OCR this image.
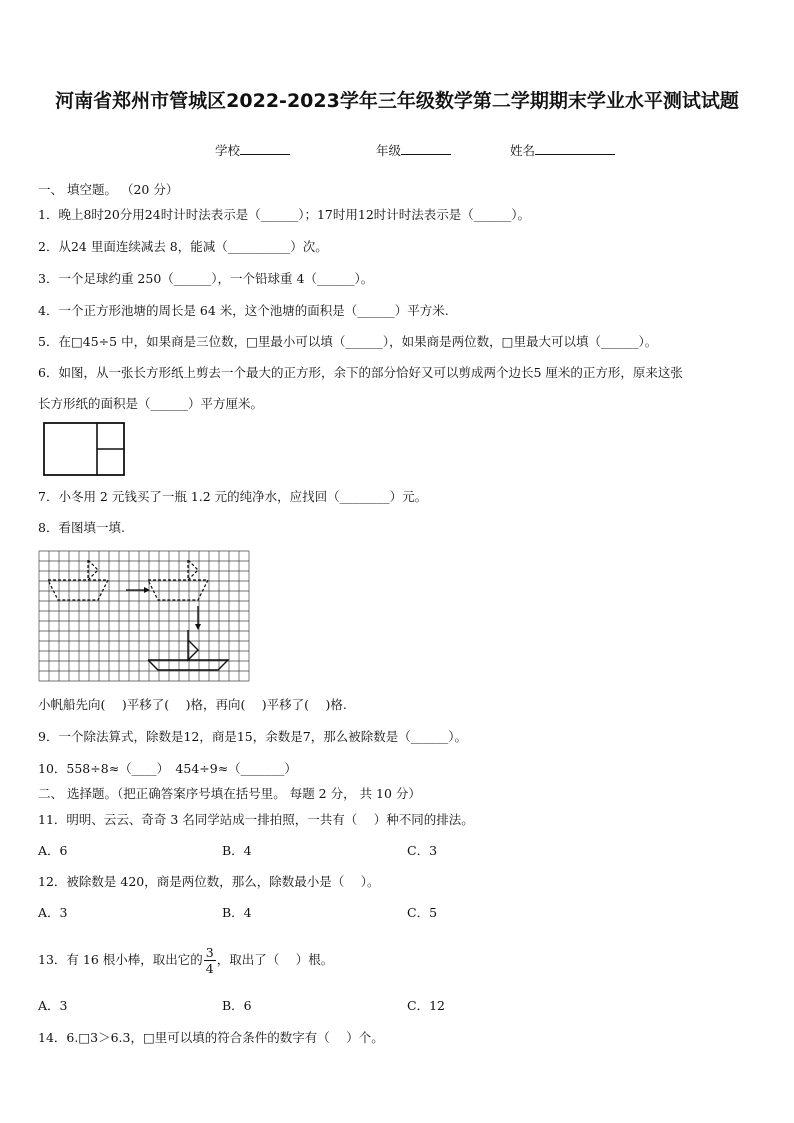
河南省郑州市管城区2022-2023学年三年级数学第二学期期末学业水平测试试题
学校	年级	姓名
一、 填空题。 （20 分）
1．晚上8时20分用24时计时法表示是（______）；17时用12时计时法表示是（______）。
2．从24 里面连续减去 8，能减（__________）次。
3．一个足球约重 250（______），一个铅球重 4（______）。
4．一个正方形池塘的周长是 64 米，这个池塘的面积是（______）平方米.
5．在□45÷5 中，如果商是三位数，□里最小可以填（______），如果商是两位数，□里最大可以填（______）。
6．如图，从一张长方形纸上剪去一个最大的正方形，余下的部分恰好又可以剪成两个边长5 厘米的正方形，原来这张
长方形纸的面积是（______）平方厘米。
7．小冬用 2 元钱买了一瓶 1.2 元的纯净水，应找回（________）元。
8．看图填一填.
小帆船先向(　 )平移了(　 )格，再向(　 )平移了(　 )格.
9．一个除法算式，除数是12，商是15，余数是7，那么被除数是（______）。
10．558÷8≈（____）　454÷9≈（_______）
二、 选择题。（把正确答案序号填在括号里。 每题 2 分， 共 10 分）
11．明明、云云、奇奇 3 名同学站成一排拍照，一共有（　 ）种不同的排法。
A．6	B．4	C．3
12．被除数是 420，商是两位数，那么，除数最小是（　 ）。
A．3	B．4	C．5
13．有 16 根小棒，取出它的 $\frac{3}{4}$ ，取出了（　 ）根。
A．3	B．6	C．12
14．6.□3＞6.3，□里可以填的符合条件的数字有（　 ）个。
